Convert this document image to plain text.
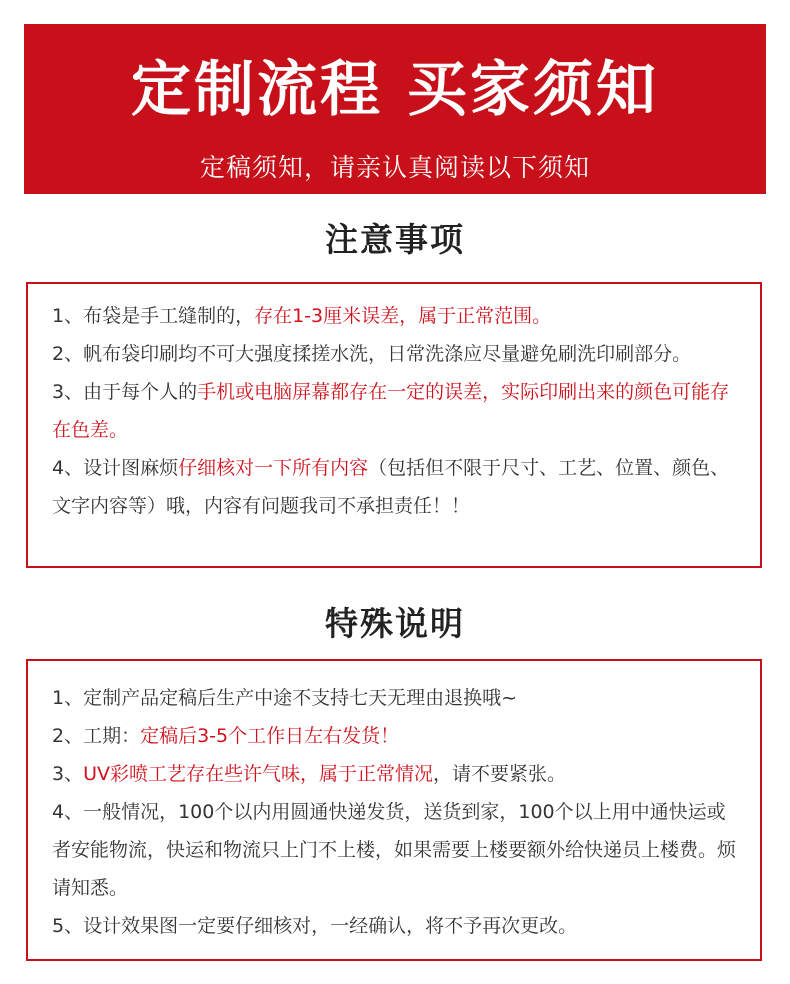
定制流程 买家须知
定稿须知，请亲认真阅读以下须知
注意事项

1、布袋是手工缝制的，存在1-3厘米误差，属于正常范围。

2、帆布袋印刷均不可大强度揉搓水洗，日常洗涤应尽量避免刷洗印刷部分。

3、由于每个人的手机或电脑屏幕都存在一定的误差，实际印刷出来的颜色可能存在色差。

4、设计图麻烦仔细核对一下所有内容（包括但不限于尺寸、工艺、位置、颜色、文字内容等）哦，内容有问题我司不承担责任！！

特殊说明

1、定制产品定稿后生产中途不支持七天无理由退换哦~

2、工期：定稿后3-5个工作日左右发货！

3、UV彩喷工艺存在些许气味，属于正常情况，请不要紧张。

4、一般情况，100个以内用圆通快递发货，送货到家，100个以上用中通快运或者安能物流，快运和物流只上门不上楼，如果需要上楼要额外给快递员上楼费。烦请知悉。

5、设计效果图一定要仔细核对，一经确认，将不予再次更改。
